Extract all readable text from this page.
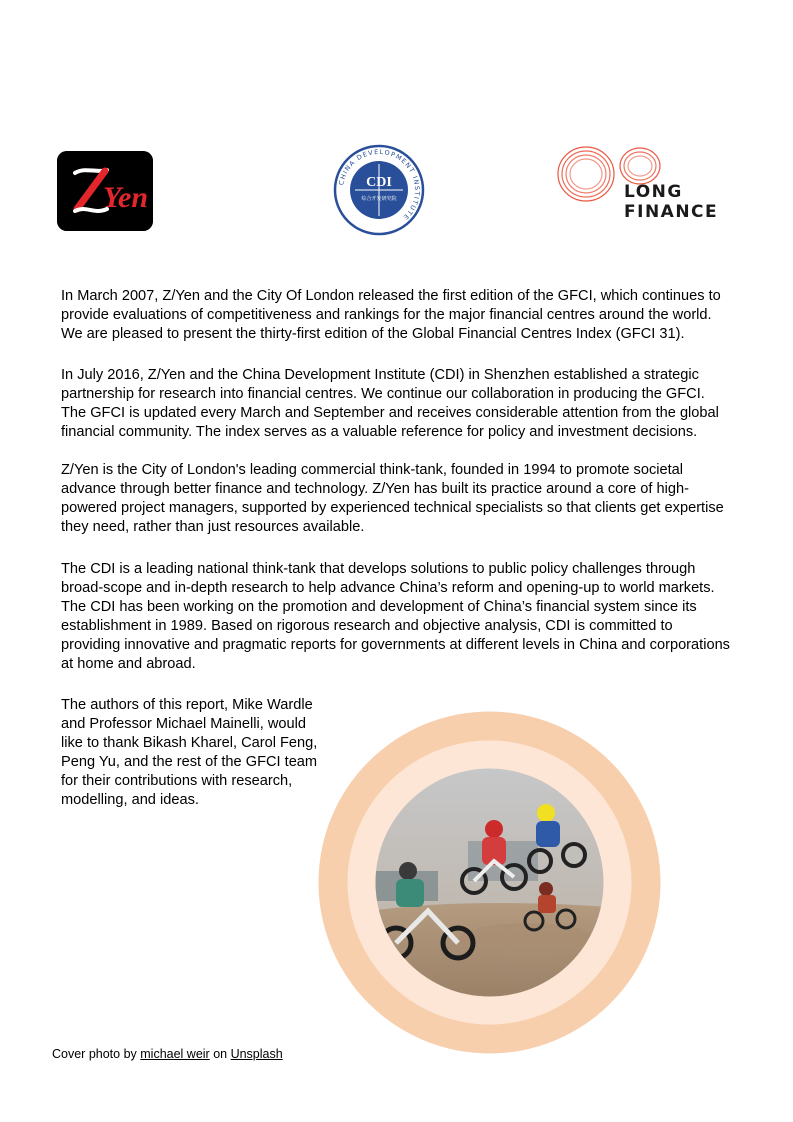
Yen	CHINA DEVELOPMENT INSTITUTE
CDI
综合开发研究院	LONG
FINANCE

In March 2007, Z/Yen and the City Of London released the first edition of the GFCI, which continues to provide evaluations of competitiveness and rankings for the major financial centres around the world. We are pleased to present the thirty-first edition of the Global Financial Centres Index (GFCI 31).

In July 2016, Z/Yen and the China Development Institute (CDI) in Shenzhen established a strategic partnership for research into financial centres. We continue our collaboration in producing the GFCI. The GFCI is updated every March and September and receives considerable attention from the global financial community. The index serves as a valuable reference for policy and investment decisions.

Z/Yen is the City of London's leading commercial think-tank, founded in 1994 to promote societal advance through better finance and technology. Z/Yen has built its practice around a core of high-powered project managers, supported by experienced technical specialists so that clients get expertise they need, rather than just resources available.

The CDI is a leading national think-tank that develops solutions to public policy challenges through broad-scope and in-depth research to help advance China’s reform and opening-up to world markets. The CDI has been working on the promotion and development of China’s financial system since its establishment in 1989. Based on rigorous research and objective analysis, CDI is committed to providing innovative and pragmatic reports for governments at different levels in China and corporations at home and abroad.

The authors of this report, Mike Wardle and Professor Michael Mainelli, would like to thank Bikash Kharel, Carol Feng, Peng Yu, and the rest of the GFCI team for their contributions with research, modelling, and ideas.

Cover photo by michael weir on Unsplash
